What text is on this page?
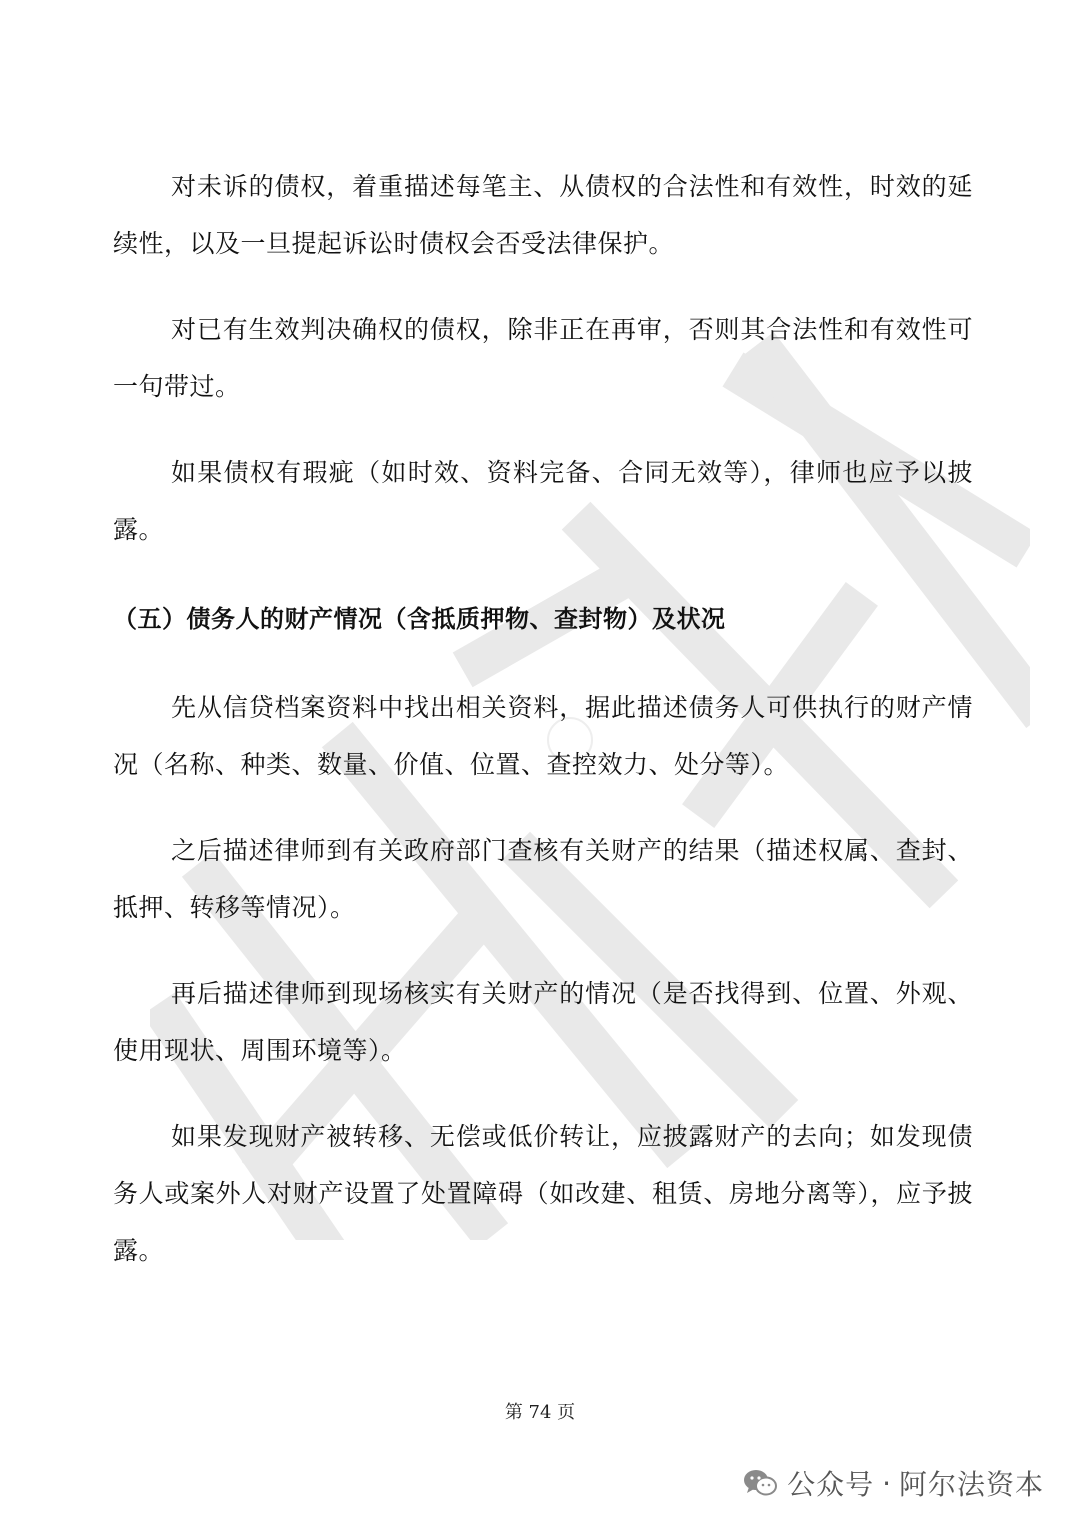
对未诉的债权，着重描述每笔主、从债权的合法性和有效性，时效的延续性，以及一旦提起诉讼时债权会否受法律保护。

对已有生效判决确权的债权，除非正在再审，否则其合法性和有效性可一句带过。

如果债权有瑕疵（如时效、资料完备、合同无效等），律师也应予以披露。

（五）债务人的财产情况（含抵质押物、查封物）及状况

先从信贷档案资料中找出相关资料，据此描述债务人可供执行的财产情况（名称、种类、数量、价值、位置、查控效力、处分等）。

之后描述律师到有关政府部门查核有关财产的结果（描述权属、查封、抵押、转移等情况）。

再后描述律师到现场核实有关财产的情况（是否找得到、位置、外观、使用现状、周围环境等）。

如果发现财产被转移、无偿或低价转让，应披露财产的去向；如发现债务人或案外人对财产设置了处置障碍（如改建、租赁、房地分离等），应予披露。

第 74 页
公众号 · 阿尔法资本
